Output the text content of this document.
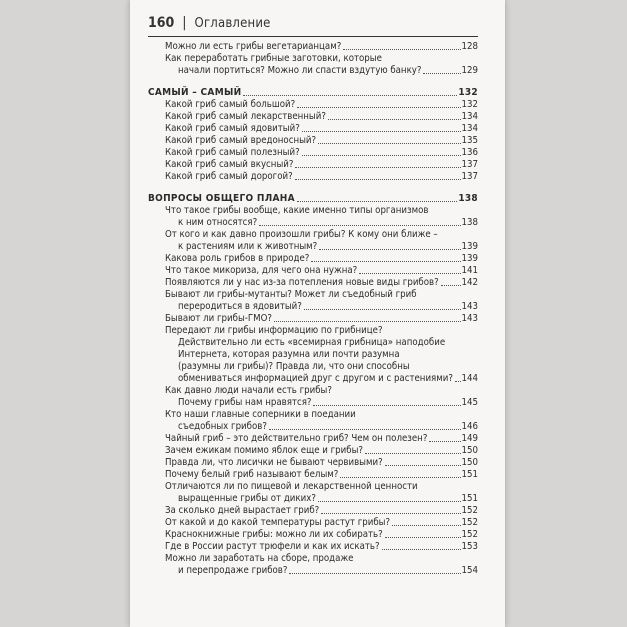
160 | Оглавление
Можно ли есть грибы вегетарианцам?	128
Как переработать грибные заготовки, которые
начали портиться? Можно ли спасти вздутую банку?	129
САМЫЙ – САМЫЙ	132
Какой гриб самый большой?	132
Какой гриб самый лекарственный?	134
Какой гриб самый ядовитый?	134
Какой гриб самый вредоносный?	135
Какой гриб самый полезный?	136
Какой гриб самый вкусный?	137
Какой гриб самый дорогой?	137
ВОПРОСЫ ОБЩЕГО ПЛАНА	138
Что такое грибы вообще, какие именно типы организмов
к ним относятся?	138
От кого и как давно произошли грибы? К кому они ближе –
к растениям или к животным?	139
Какова роль грибов в природе?	139
Что такое микориза, для чего она нужна?	141
Появляются ли у нас из-за потепления новые виды грибов? 142
Бывают ли грибы-мутанты? Может ли съедобный гриб
переродиться в ядовитый?	143
Бывают ли грибы-ГМО?	143
Передают ли грибы информацию по грибнице?
Действительно ли есть «всемирная грибница» наподобие
Интернета, которая разумна или почти разумна
(разумны ли грибы)? Правда ли, что они способны
обмениваться информацией друг с другом и с растениями? 144
Как давно люди начали есть грибы?
Почему грибы нам нравятся?	145
Кто наши главные соперники в поедании
съедобных грибов?	146
Чайный гриб – это действительно гриб? Чем он полезен?	149
Зачем ежикам помимо яблок еще и грибы?	150
Правда ли, что лисички не бывают червивыми?	150
Почему белый гриб называют белым?	151
Отличаются ли по пищевой и лекарственной ценности
выращенные грибы от диких?	151
За сколько дней вырастает гриб?	152
От какой и до какой температуры растут грибы?	152
Краснокнижные грибы: можно ли их собирать?	152
Где в России растут трюфели и как их искать?	153
Можно ли заработать на сборе, продаже
и перепродаже грибов?	154
